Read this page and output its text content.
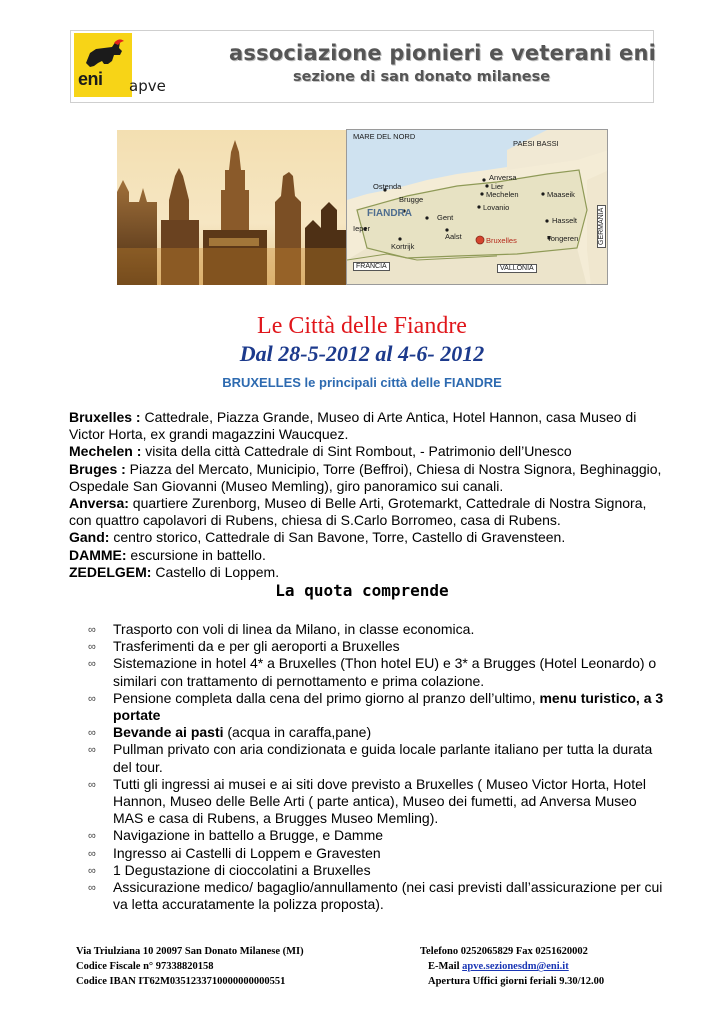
eni apve
associazione pionieri e veterani eni
sezione di san donato milanese
MARE DEL NORD
PAESI BASSI
Ostenda
Anversa
Lier
Brugge
Mechelen	Maaseik
FIANDRA	Gent
Lovanio
Hasselt
Ieper
Aalst
Kortrijk
Bruxelles	Tongeren
FRANCIA	VALLONIA
GERMANIA
Le Città delle Fiandre
Dal 28-5-2012 al 4-6- 2012
BRUXELLES le principali città delle FIANDRE

Bruxelles : Cattedrale, Piazza Grande, Museo di Arte Antica, Hotel Hannon, casa Museo di Victor Horta, ex grandi magazzini Waucquez.

Mechelen : visita della città Cattedrale di Sint Rombout, - Patrimonio dell’Unesco

Bruges : Piazza del Mercato, Municipio, Torre (Beffroi), Chiesa di Nostra Signora, Beghinaggio, Ospedale San Giovanni (Museo Memling), giro panoramico sui canali.

Anversa: quartiere Zurenborg, Museo di Belle Arti, Grotemarkt, Cattedrale di Nostra Signora, con quattro capolavori di Rubens, chiesa di S.Carlo Borromeo, casa di Rubens.

Gand: centro storico, Cattedrale di San Bavone, Torre, Castello di Gravensteen.

DAMME: escursione in battello.

ZEDELGEM: Castello di Loppem.

La quota comprende
∞ Trasporto con voli di linea da Milano, in classe economica.
∞ Trasferimenti da e per gli aeroporti a Bruxelles
∞ Sistemazione in hotel 4* a Bruxelles (Thon hotel EU) e 3* a Brugges (Hotel Leonardo) o similari con trattamento di pernottamento e prima colazione.
∞ Pensione completa dalla cena del primo giorno al pranzo dell’ultimo, menu turistico, a 3 portate
∞ Bevande ai pasti (acqua in caraffa,pane)
∞ Pullman privato con aria condizionata e guida locale parlante italiano per tutta la durata del tour.
∞ Tutti gli ingressi ai musei e ai siti dove previsto a Bruxelles ( Museo Victor Horta, Hotel Hannon, Museo delle Belle Arti ( parte antica), Museo dei fumetti, ad Anversa Museo MAS e casa di Rubens, a Brugges Museo Memling).
∞ Navigazione in battello a Brugge, e Damme
∞ Ingresso ai Castelli di Loppem e Gravesten
∞ 1 Degustazione di cioccolatini a Bruxelles
∞ Assicurazione medico/ bagaglio/annullamento (nei casi previsti dall’assicurazione per cui va letta accuratamente la polizza proposta).
Via Triulziana 10 20097 San Donato Milanese (MI)	Telefono 0252065829 Fax 0251620002
Codice Fiscale n° 97338820158	E-Mail apve.sezionesdm@eni.it
Codice IBAN IT62M0351233710000000000551	Apertura Uffici giorni feriali 9.30/12.00
